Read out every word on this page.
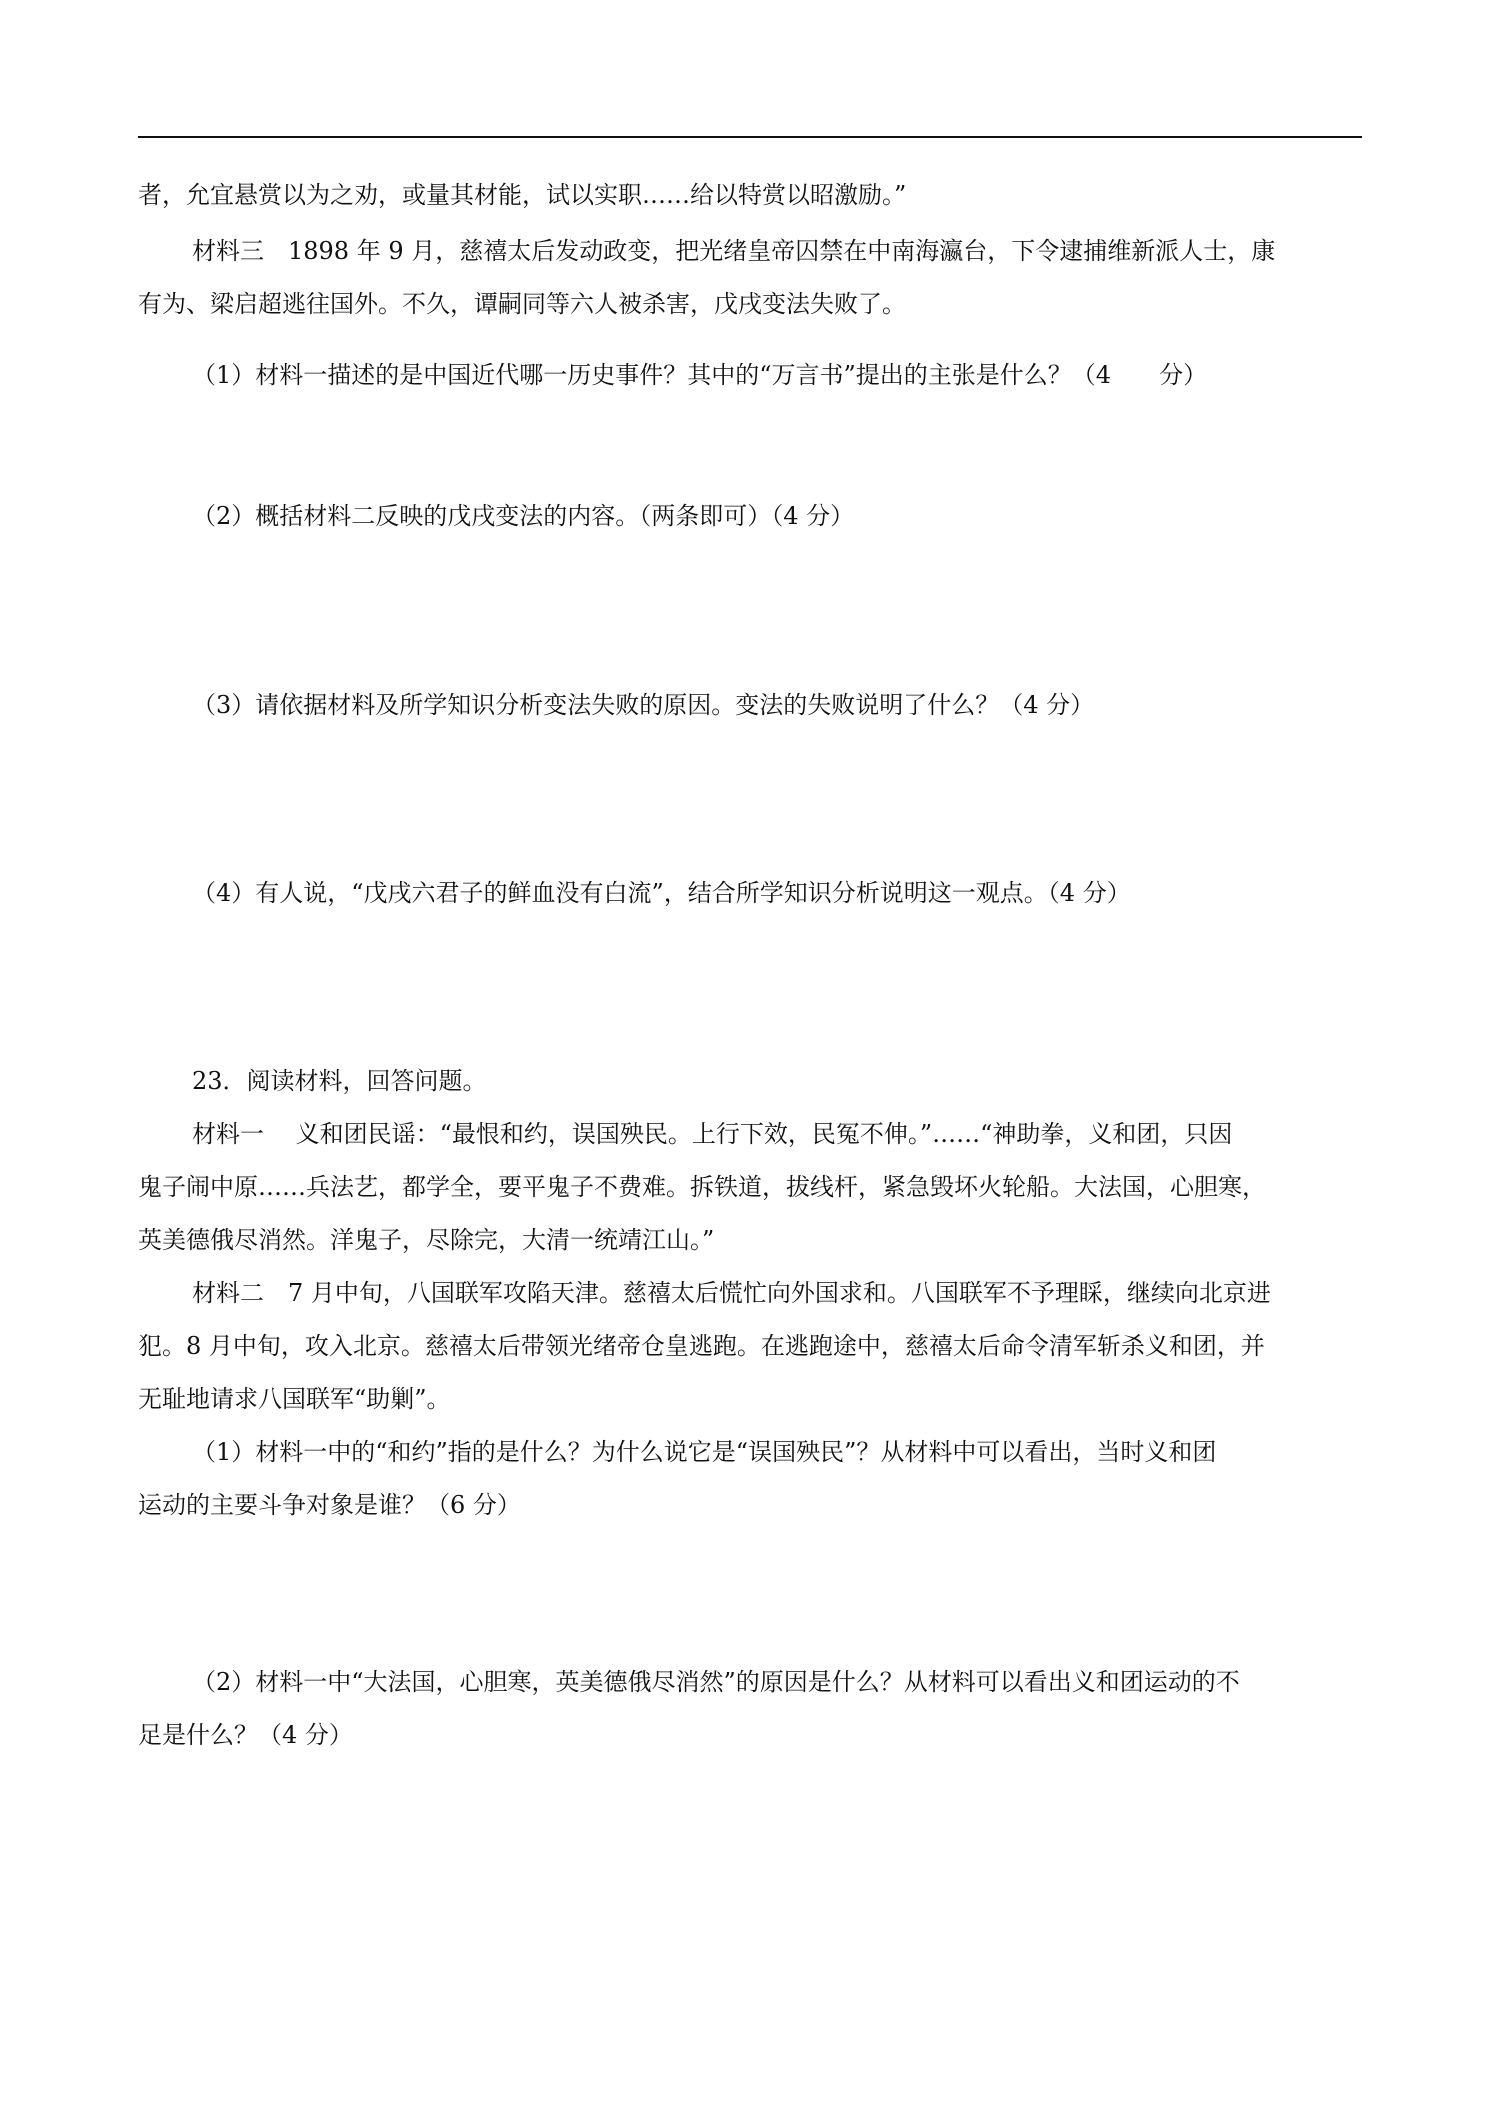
者，允宜悬赏以为之劝，或量其材能，试以实职……给以特赏以昭激励。”
材料三　1898 年 9 月，慈禧太后发动政变，把光绪皇帝囚禁在中南海瀛台，下令逮捕维新派人士，康
有为、梁启超逃往国外。不久，谭嗣同等六人被杀害，戊戌变法失败了。
（1）材料一描述的是中国近代哪一历史事件？其中的“万言书”提出的主张是什么？（4　　分）
（2）概括材料二反映的戊戌变法的内容。（两条即可）（4 分）
（3）请依据材料及所学知识分析变法失败的原因。变法的失败说明了什么？（4 分）
（4）有人说，“戊戌六君子的鲜血没有白流”，结合所学知识分析说明这一观点。（4 分）
23．阅读材料，回答问题。
材料一　 义和团民谣：“最恨和约，误国殃民。上行下效，民冤不伸。”……“神助拳，义和团，只因
鬼子闹中原……兵法艺，都学全，要平鬼子不费难。拆铁道，拔线杆，紧急毁坏火轮船。大法国，心胆寒，
英美德俄尽消然。洋鬼子，尽除完，大清一统靖江山。”
材料二　7 月中旬，八国联军攻陷天津。慈禧太后慌忙向外国求和。八国联军不予理睬，继续向北京进
犯。8 月中旬，攻入北京。慈禧太后带领光绪帝仓皇逃跑。在逃跑途中，慈禧太后命令清军斩杀义和团，并
无耻地请求八国联军“助剿”。
（1）材料一中的“和约”指的是什么？为什么说它是“误国殃民”？从材料中可以看出，当时义和团
运动的主要斗争对象是谁？（6 分）
（2）材料一中“大法国，心胆寒，英美德俄尽消然”的原因是什么？从材料可以看出义和团运动的不
足是什么？（4 分）
